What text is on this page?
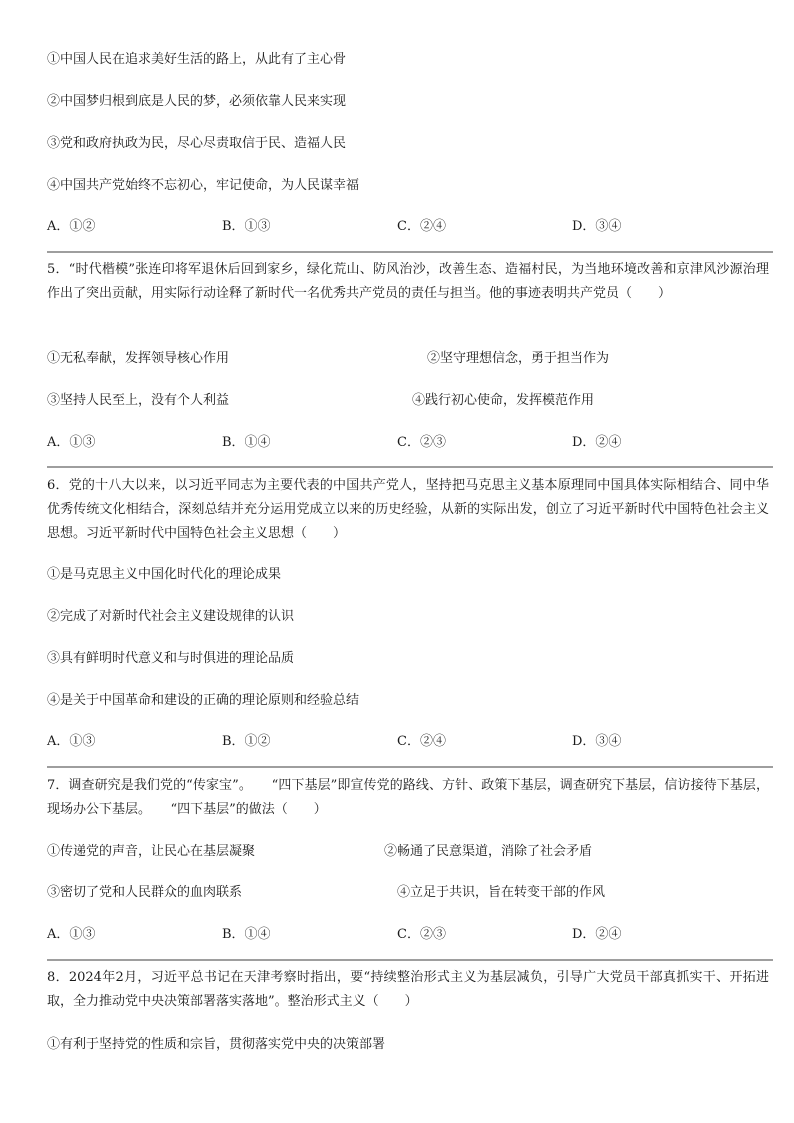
①中国人民在追求美好生活的路上，从此有了主心骨
②中国梦归根到底是人民的梦，必须依靠人民来实现
③党和政府执政为民，尽心尽责取信于民、造福人民
④中国共产党始终不忘初心，牢记使命，为人民谋幸福
A．①②	B．①③	C．②④	D．③④
5．“时代楷模”张连印将军退休后回到家乡，绿化荒山、防风治沙，改善生态、造福村民，为当地环境改善和京津风沙源治理作出了突出贡献，用实际行动诠释了新时代一名优秀共产党员的责任与担当。他的事迹表明共产党员（　　）
①无私奉献，发挥领导核心作用	②坚守理想信念，勇于担当作为
③坚持人民至上，没有个人利益	④践行初心使命，发挥模范作用
A．①③	B．①④	C．②③	D．②④
6．党的十八大以来，以习近平同志为主要代表的中国共产党人，坚持把马克思主义基本原理同中国具体实际相结合、同中华优秀传统文化相结合，深刻总结并充分运用党成立以来的历史经验，从新的实际出发，创立了习近平新时代中国特色社会主义思想。习近平新时代中国特色社会主义思想（　　）
①是马克思主义中国化时代化的理论成果
②完成了对新时代社会主义建设规律的认识
③具有鲜明时代意义和与时俱进的理论品质
④是关于中国革命和建设的正确的理论原则和经验总结
A．①③	B．①②	C．②④	D．③④
7．调查研究是我们党的“传家宝”。　　“四下基层”即宣传党的路线、方针、政策下基层，调查研究下基层，信访接待下基层，现场办公下基层。　　“四下基层”的做法（　　）
①传递党的声音，让民心在基层凝聚	②畅通了民意渠道，消除了社会矛盾
③密切了党和人民群众的血肉联系	④立足于共识，旨在转变干部的作风
A．①③	B．①④	C．②③	D．②④
8．2024年2月，习近平总书记在天津考察时指出，要“持续整治形式主义为基层减负，引导广大党员干部真抓实干、开拓进取，全力推动党中央决策部署落实落地”。整治形式主义（　　）
①有利于坚持党的性质和宗旨，贯彻落实党中央的决策部署
